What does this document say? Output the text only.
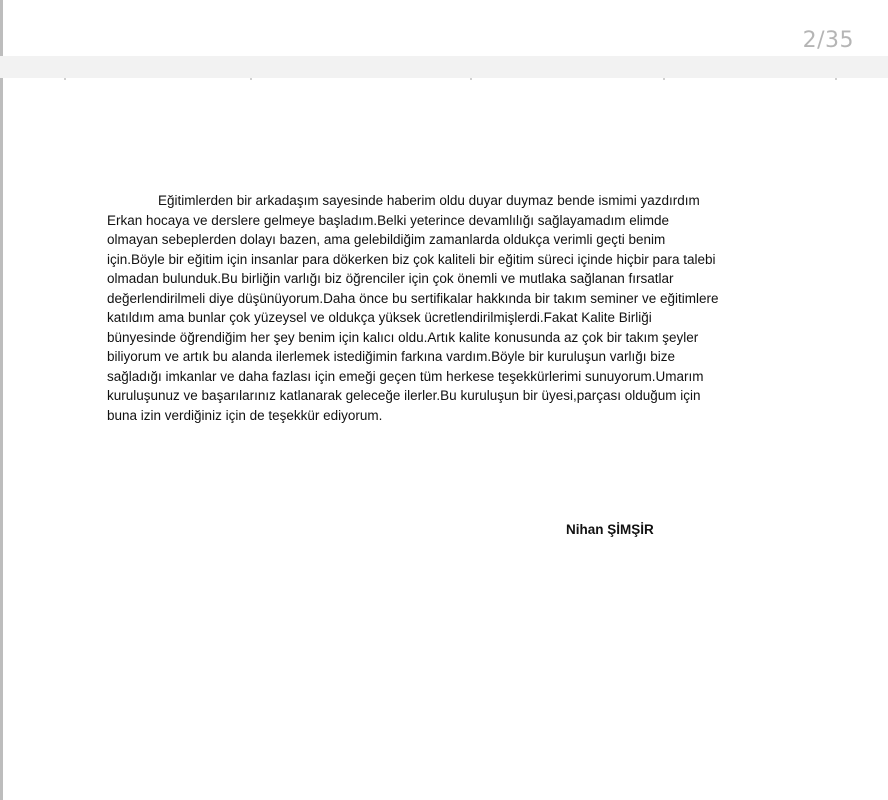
2/35
Eğitimlerden bir arkadaşım sayesinde haberim oldu duyar duymaz bende ismimi yazdırdım
Erkan hocaya ve derslere gelmeye başladım.Belki yeterince devamlılığı sağlayamadım elimde
olmayan sebeplerden dolayı bazen, ama gelebildiğim zamanlarda oldukça verimli geçti benim
için.Böyle bir eğitim için insanlar para dökerken biz çok kaliteli bir eğitim süreci içinde hiçbir para talebi
olmadan bulunduk.Bu birliğin varlığı biz öğrenciler için çok önemli ve mutlaka sağlanan fırsatlar
değerlendirilmeli diye düşünüyorum.Daha önce bu sertifikalar hakkında bir takım seminer ve eğitimlere
katıldım ama bunlar çok yüzeysel ve oldukça yüksek ücretlendirilmişlerdi.Fakat Kalite Birliği
bünyesinde öğrendiğim her şey benim için kalıcı oldu.Artık kalite konusunda az çok bir takım şeyler
biliyorum ve artık bu alanda ilerlemek istediğimin farkına vardım.Böyle bir kuruluşun varlığı bize
sağladığı imkanlar ve daha fazlası için emeği geçen tüm herkese teşekkürlerimi sunuyorum.Umarım
kuruluşunuz ve başarılarınız katlanarak geleceğe ilerler.Bu kuruluşun bir üyesi,parçası olduğum için
buna izin verdiğiniz için de teşekkür ediyorum.
Nihan ŞİMŞİR
